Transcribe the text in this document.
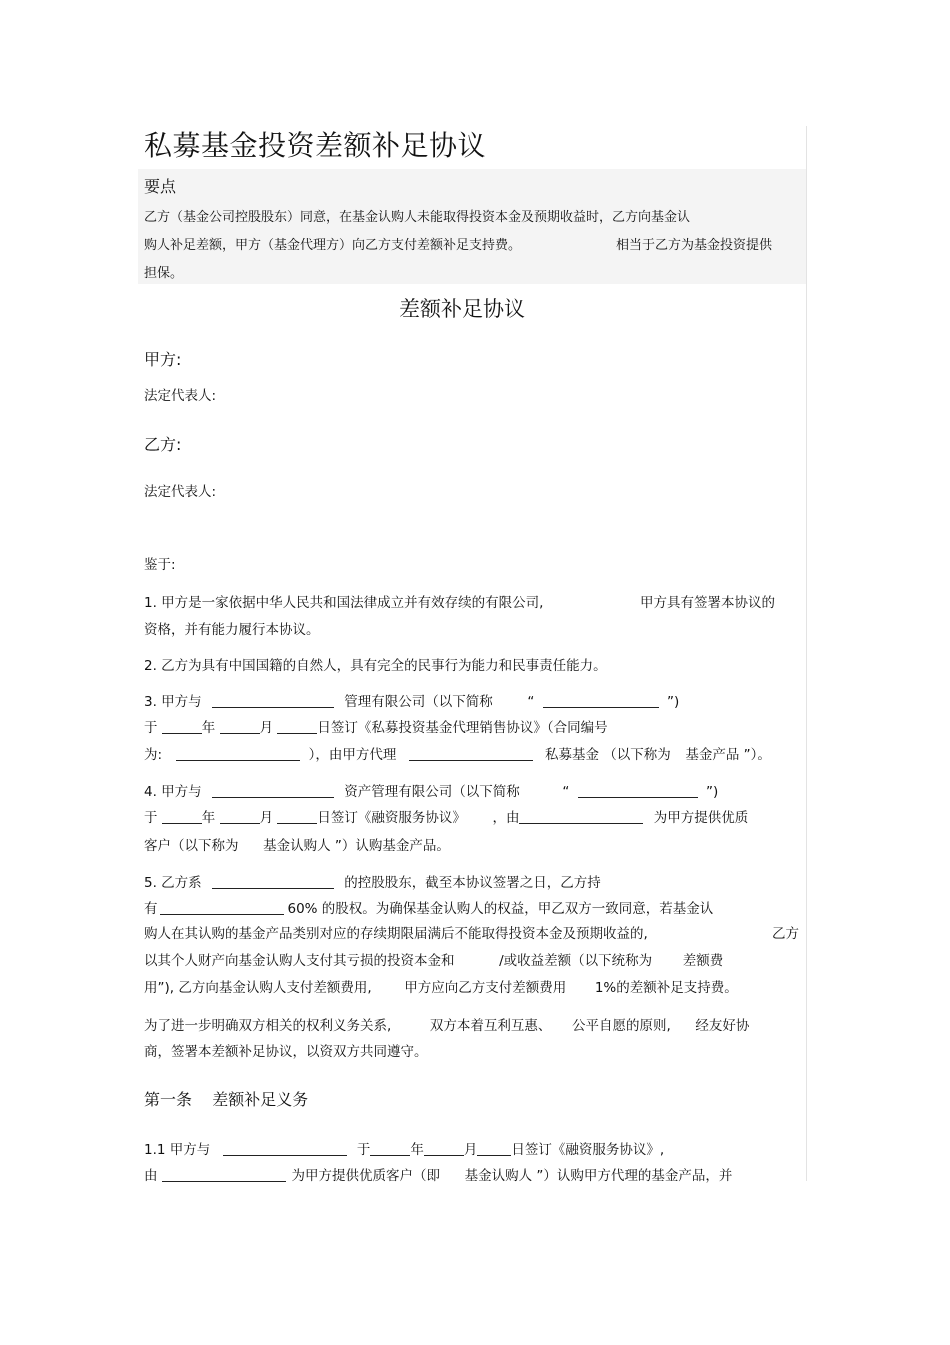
私募基金投资差额补足协议
要点
乙方（基金公司控股股东）同意，在基金认购人未能取得投资本金及预期收益时，乙方向基金认
购人补足差额，甲方（基金代理方）向乙方支付差额补足支持费。	相当于乙方为基金投资提供
担保。
差额补足协议
甲方:
法定代表人:
乙方:
法定代表人:
鉴于:
1. 甲方是一家依据中华人民共和国法律成立并有效存续的有限公司,	甲方具有签署本协议的
资格，并有能力履行本协议。
2. 乙方为具有中国国籍的自然人，具有完全的民事行为能力和民事责任能力。
3. 甲方与	管理有限公司（以下简称	“	”)
于	年	月	日签订《私募投资基金代理销售协议》（合同编号
为:	），由甲方代理	私募基金 （以下称为 基金产品 ”）。
4. 甲方与	资产管理有限公司（以下简称	“	”)
于	年	月	日签订《融资服务协议》 ，由	为甲方提供优质
客户（以下称为 基金认购人 ”）认购基金产品。
5. 乙方系	的控股股东，截至本协议签署之日，乙方持
有	60% 的股权。为确保基金认购人的权益，甲乙双方一致同意，若基金认
购人在其认购的基金产品类别对应的存续期限届满后不能取得投资本金及预期收益的,	乙方
以其个人财产向基金认购人支付其亏损的投资本金和	/或收益差额（以下统称为 差额费
用”), 乙方向基金认购人支付差额费用, 甲方应向乙方支付差额费用 1%的差额补足支持费。
为了进一步明确双方相关的权利义务关系,	双方本着互利互惠、 公平自愿的原则, 经友好协
商，签署本差额补足协议，以资双方共同遵守。
第一条 差额补足义务
1.1 甲方与	于	年	月	日签订《融资服务协议》,
由	为甲方提供优质客户（即 基金认购人 ”）认购甲方代理的基金产品，并
